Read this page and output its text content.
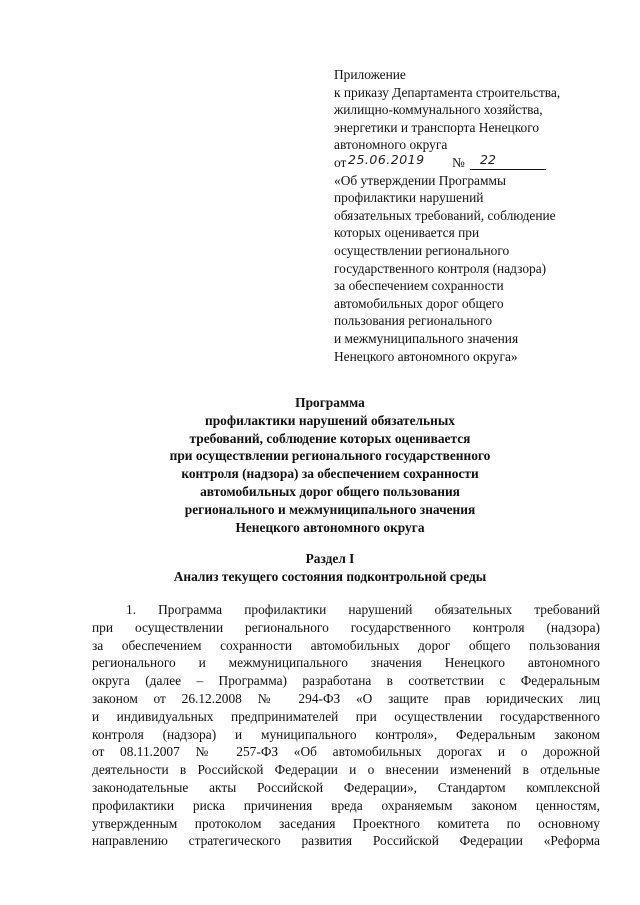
Приложение
к приказу Департамента строительства,
жилищно-коммунального хозяйства,
энергетики и транспорта Ненецкого
автономного округа
от 25.06.2019 № 22
«Об утверждении Программы
профилактики нарушений
обязательных требований, соблюдение
которых оценивается при
осуществлении регионального
государственного контроля (надзора)
за обеспечением сохранности
автомобильных дорог общего
пользования регионального
и межмуниципального значения
Ненецкого автономного округа»
Программа
профилактики нарушений обязательных
требований, соблюдение которых оценивается
при осуществлении регионального государственного
контроля (надзора) за обеспечением сохранности
автомобильных дорог общего пользования
регионального и межмуниципального значения
Ненецкого автономного округа
Раздел I
Анализ текущего состояния подконтрольной среды
1. Программа профилактики нарушений обязательных требований
при осуществлении регионального государственного контроля (надзора)
за обеспечением сохранности автомобильных дорог общего пользования
регионального и межмуниципального значения Ненецкого автономного
округа (далее – Программа) разработана в соответствии с Федеральным
законом от 26.12.2008 № 294-ФЗ «О защите прав юридических лиц
и индивидуальных предпринимателей при осуществлении государственного
контроля (надзора) и муниципального контроля», Федеральным законом
от 08.11.2007 № 257-ФЗ «Об автомобильных дорогах и о дорожной
деятельности в Российской Федерации и о внесении изменений в отдельные
законодательные акты Российской Федерации», Стандартом комплексной
профилактики риска причинения вреда охраняемым законом ценностям,
утвержденным протоколом заседания Проектного комитета по основному
направлению стратегического развития Российской Федерации «Реформа
